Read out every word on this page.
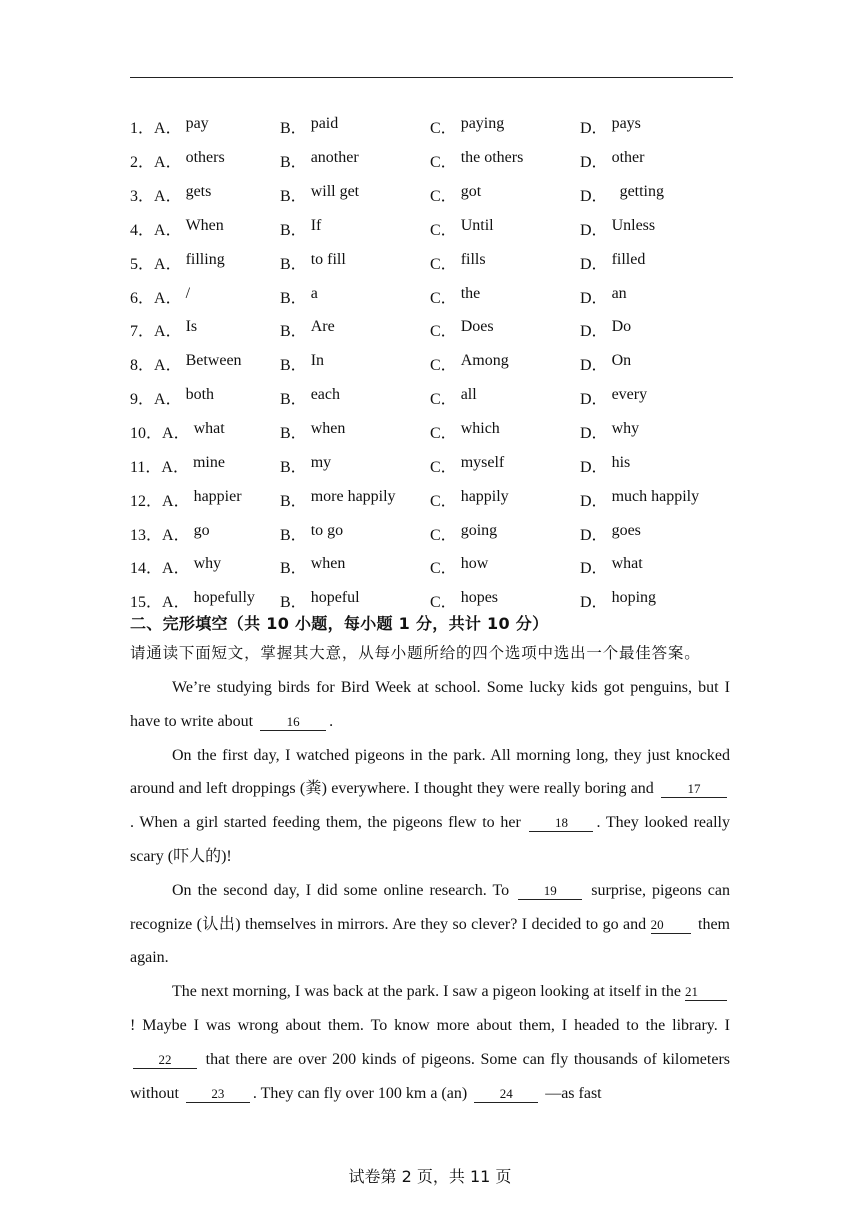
1． A． pay	B． paid	C． paying	D． pays
2． A． others	B． another	C． the others	D． other
3． A． gets	B． will get	C． got	D． getting
4． A． When	B． If	C． Until	D． Unless
5． A． filling	B． to fill	C． fills	D． filled
6． A． /	B． a	C． the	D． an
7． A． Is	B． Are	C． Does	D． Do
8． A． Between B． In	C． Among	D． On
9． A． both	B． each	C． all	D． every
10． A． what	B． when	C． which	D． why
11． A． mine	B． my	C． myself	D． his
12． A． happier B． more happily C． happily	D． much happily
13． A． go	B． to go	C． going	D． goes
14． A． why	B． when	C． how	D． what
15． A． hopefully B． hopeful	C． hopes	D． hoping
二、完形填空（共 10 小题，每小题 1 分，共计 10 分）
请通读下面短文，掌握其大意，从每小题所给的四个选项中选出一个最佳答案。

We’re studying birds for Bird Week at school. Some lucky kids got penguins, but I have to write about	16 .

On the first day, I watched pigeons in the park. All morning long, they just knocked around and left droppings (粪) everywhere. I thought they were really boring and	17. When a girl started feeding them, the pigeons flew to her	18 . They looked really scary (吓人的)!

On the second day, I did some online research. To	19 surprise, pigeons can recognize (认出) themselves in mirrors. Are they so clever? I decided to go and 20 them again.

The next morning, I was back at the park. I saw a pigeon looking at itself in the 21! Maybe I was wrong about them. To know more about them, I headed to the library. I 22 that there are over 200 kinds of pigeons. Some can fly thousands of kilometers without	23 . They can fly over 100 km a (an)	24 —as fast

试卷第 2 页，共 11 页
